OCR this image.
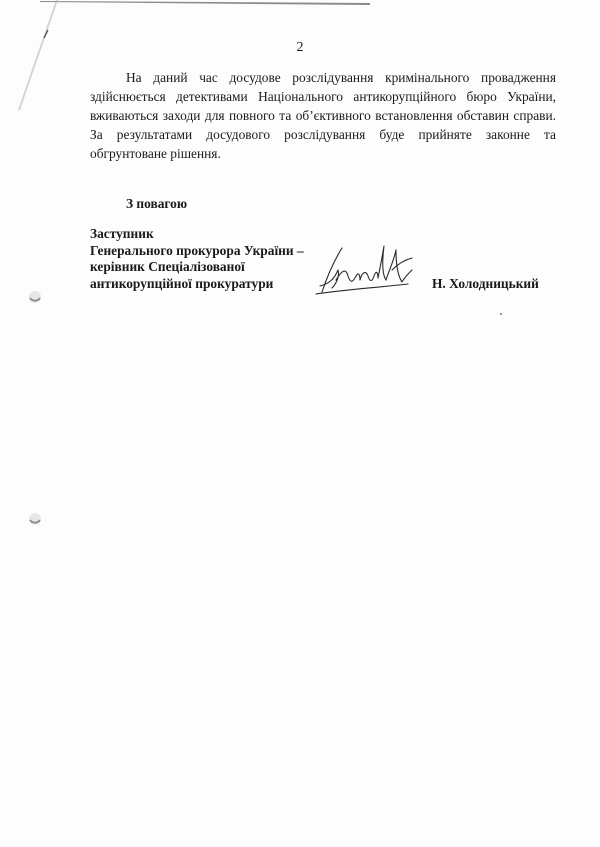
2

На даний час досудове розслідування кримінального провадження здійснюється детективами Національного антикорупційного бюро України, вживаються заходи для повного та об’єктивного встановлення обставин справи. За результатами досудового розслідування буде прийняте законне та обгрунтоване рішення.

З повагою
Заступник
Генерального прокурора України –
керівник Спеціалізованої
антикорупційної прокуратури	Н. Холодницький
